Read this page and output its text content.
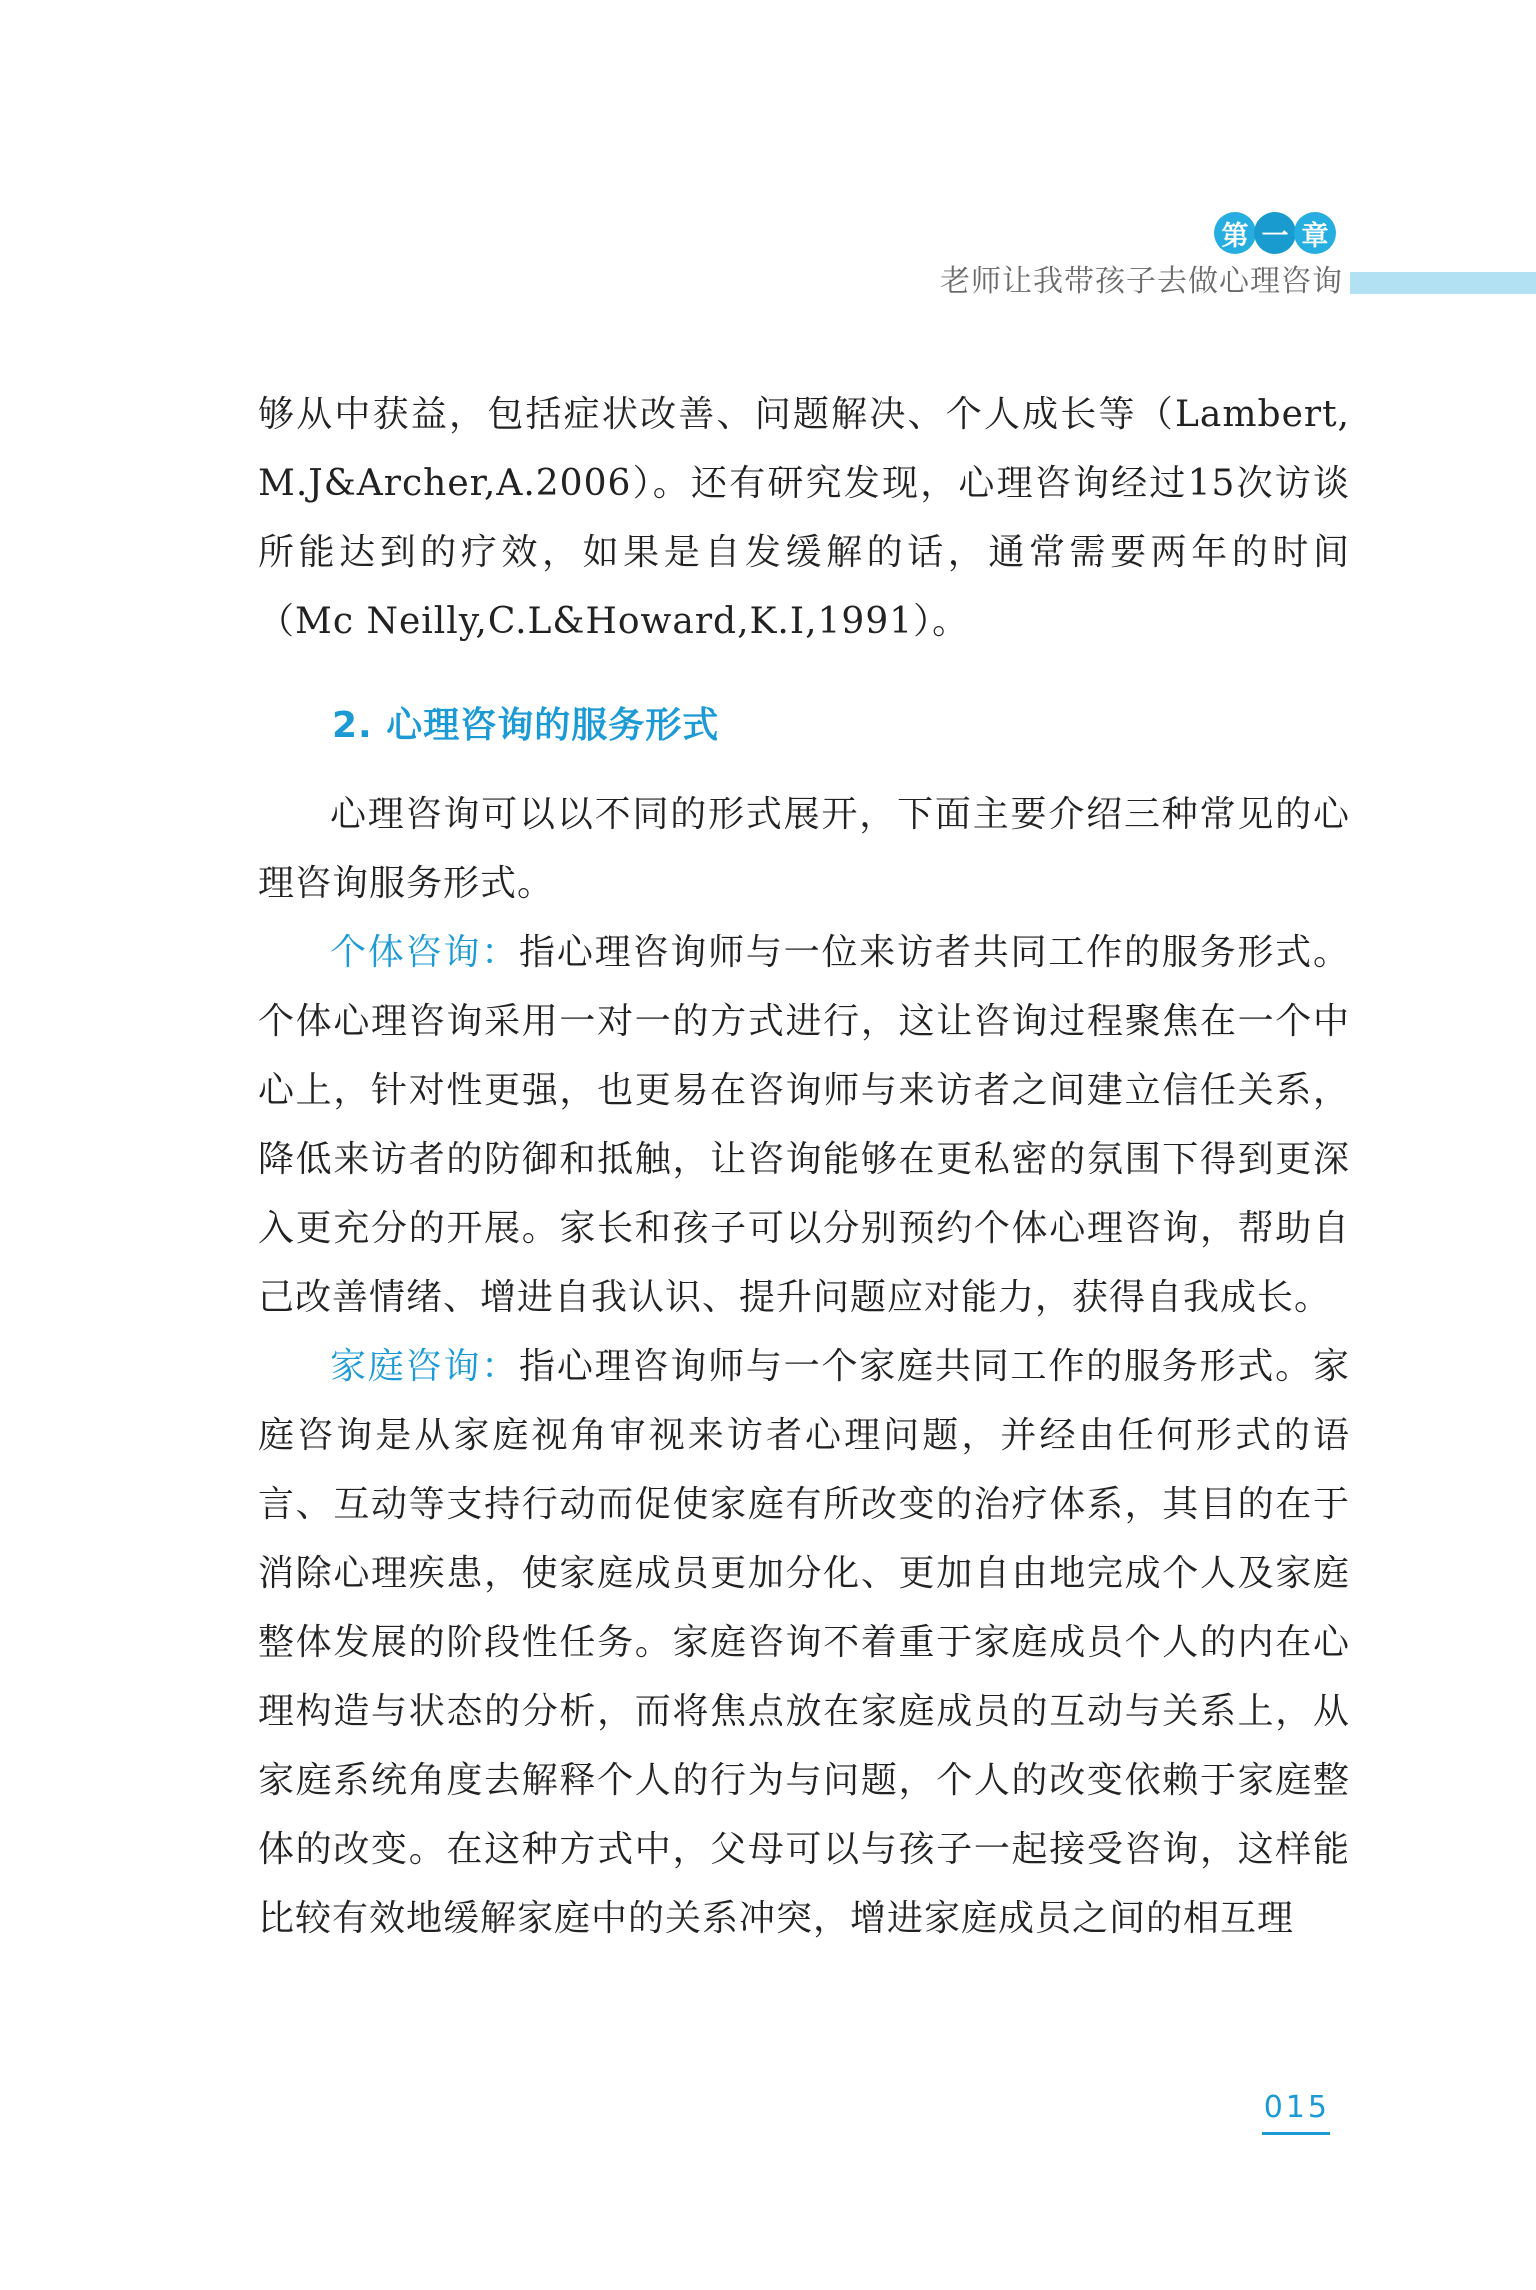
第 一 章
老师让我带孩子去做心理咨询

够从中获益，包括症状改善、问题解决、个人成长等（Lambert, M.J&Archer,A.2006）。还有研究发现，心理咨询经过15次访谈所能达到的疗效，如果是自发缓解的话，通常需要两年的时间（Mc Neilly,C.L&Howard,K.I,1991）。

2. 心理咨询的服务形式

心理咨询可以以不同的形式展开，下面主要介绍三种常见的心理咨询服务形式。

个体咨询：指心理咨询师与一位来访者共同工作的服务形式。个体心理咨询采用一对一的方式进行，这让咨询过程聚焦在一个中心上，针对性更强，也更易在咨询师与来访者之间建立信任关系，降低来访者的防御和抵触，让咨询能够在更私密的氛围下得到更深入更充分的开展。家长和孩子可以分别预约个体心理咨询，帮助自己改善情绪、增进自我认识、提升问题应对能力，获得自我成长。

家庭咨询：指心理咨询师与一个家庭共同工作的服务形式。家庭咨询是从家庭视角审视来访者心理问题，并经由任何形式的语言、互动等支持行动而促使家庭有所改变的治疗体系，其目的在于消除心理疾患，使家庭成员更加分化、更加自由地完成个人及家庭整体发展的阶段性任务。家庭咨询不着重于家庭成员个人的内在心理构造与状态的分析，而将焦点放在家庭成员的互动与关系上，从家庭系统角度去解释个人的行为与问题，个人的改变依赖于家庭整体的改变。在这种方式中，父母可以与孩子一起接受咨询，这样能比较有效地缓解家庭中的关系冲突，增进家庭成员之间的相互理

015
